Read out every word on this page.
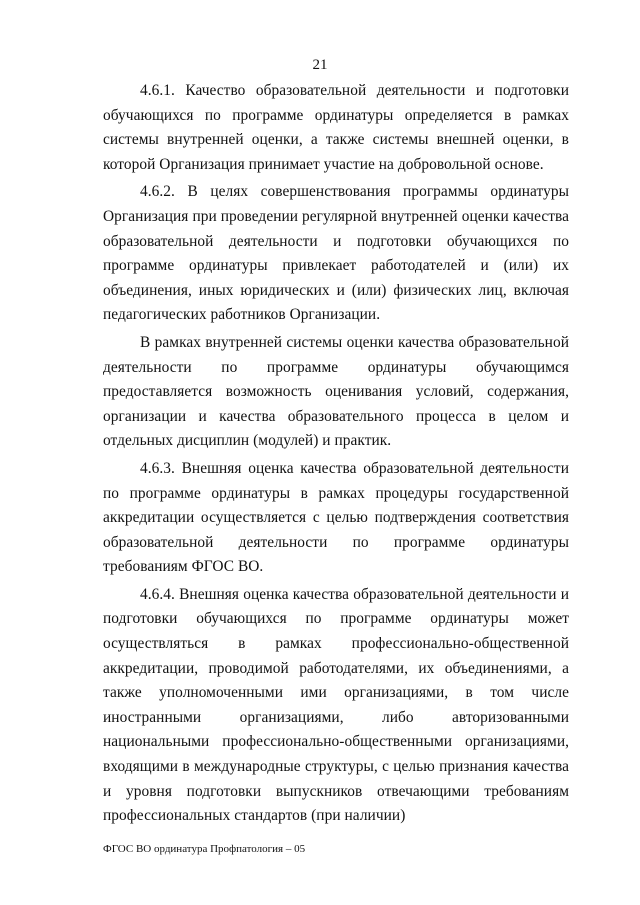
21

4.6.1. Качество образовательной деятельности и подготовки обучающихся по программе ординатуры определяется в рамках системы внутренней оценки, а также системы внешней оценки, в которой Организация принимает участие на добровольной основе.

4.6.2. В целях совершенствования программы ординатуры Организация при проведении регулярной внутренней оценки качества образовательной деятельности и подготовки обучающихся по программе ординатуры привлекает работодателей и (или) их объединения, иных юридических и (или) физических лиц, включая педагогических работников Организации.

В рамках внутренней системы оценки качества образовательной деятельности по программе ординатуры обучающимся предоставляется возможность оценивания условий, содержания, организации и качества образовательного процесса в целом и отдельных дисциплин (модулей) и практик.

4.6.3. Внешняя оценка качества образовательной деятельности по программе ординатуры в рамках процедуры государственной аккредитации осуществляется с целью подтверждения соответствия образовательной деятельности по программе ординатуры требованиям ФГОС ВО.

4.6.4. Внешняя оценка качества образовательной деятельности и подготовки обучающихся по программе ординатуры может осуществляться в рамках профессионально-общественной аккредитации, проводимой работодателями, их объединениями, а также уполномоченными ими организациями, в том числе иностранными организациями, либо авторизованными национальными профессионально-общественными организациями, входящими в международные структуры, с целью признания качества и уровня подготовки выпускников отвечающими требованиям профессиональных стандартов (при наличии)

ФГОС ВО ординатура Профпатология – 05
